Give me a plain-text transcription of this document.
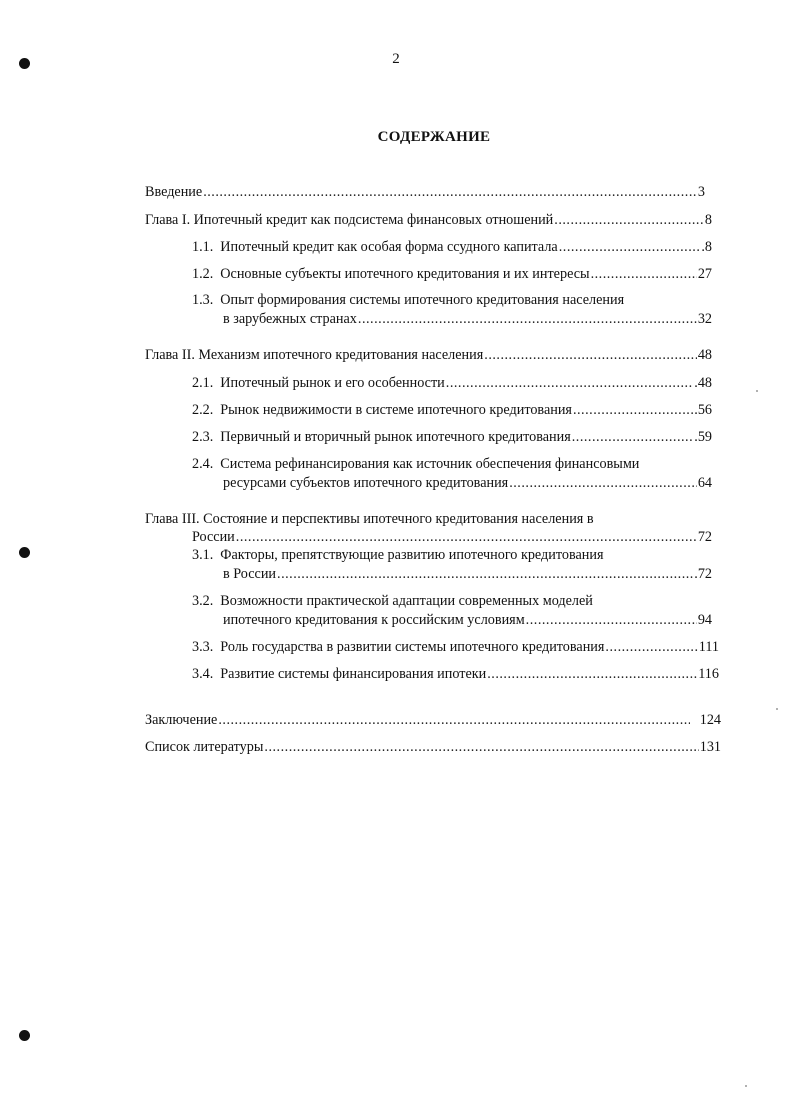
2
СОДЕРЖАНИЕ
Введение .....	3
Глава I. Ипотечный кредит как подсистема финансовых отношений .....	8
1.1. Ипотечный кредит как особая форма ссудного капитала .....	.8
1.2. Основные субъекты ипотечного кредитования и их интересы .....	27
1.3. Опыт формирования системы ипотечного кредитования населения
в зарубежных странах .....	32
Глава II. Механизм ипотечного кредитования населения .....	48
2.1. Ипотечный рынок и его особенности .....	.48
2.2. Рынок недвижимости в системе ипотечного кредитования .....	.56
2.3. Первичный и вторичный рынок ипотечного кредитования .....	.59
2.4. Система рефинансирования как источник обеспечения финансовыми
ресурсами субъектов ипотечного кредитования .....	64
Глава III. Состояние и перспективы ипотечного кредитования населения в
России .....	72
3.1. Факторы, препятствующие развитию ипотечного кредитования
в России .....	.72
3.2. Возможности практической адаптации современных моделей
ипотечного кредитования к российским условиям .....	94
3.3. Роль государства в развитии системы ипотечного кредитования .....	111
3.4. Развитие системы финансирования ипотеки .....	116
Заключение .....	124
Список литературы .....	131
